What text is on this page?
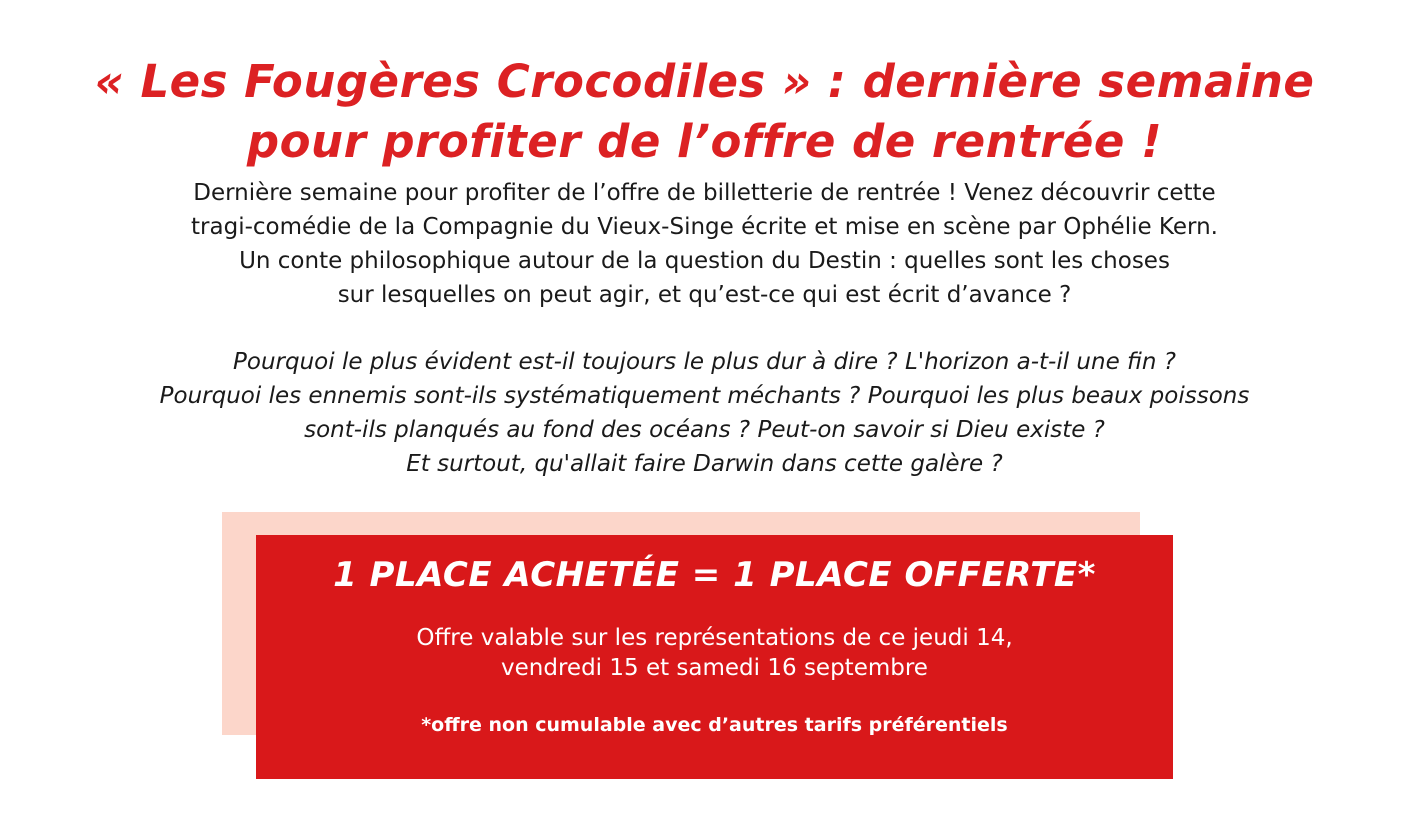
« Les Fougères Crocodiles » : dernière semaine
pour profiter de l’offre de rentrée !
Dernière semaine pour profiter de l’offre de billetterie de rentrée ! Venez découvrir cette
tragi-comédie de la Compagnie du Vieux-Singe écrite et mise en scène par Ophélie Kern.
Un conte philosophique autour de la question du Destin : quelles sont les choses
sur lesquelles on peut agir, et qu’est-ce qui est écrit d’avance ?
Pourquoi le plus évident est-il toujours le plus dur à dire ? L'horizon a-t-il une fin ?
Pourquoi les ennemis sont-ils systématiquement méchants ? Pourquoi les plus beaux poissons
sont-ils planqués au fond des océans ? Peut-on savoir si Dieu existe ?
Et surtout, qu'allait faire Darwin dans cette galère ?
1 PLACE ACHETÉE = 1 PLACE OFFERTE*
Offre valable sur les représentations de ce jeudi 14,
vendredi 15 et samedi 16 septembre
*offre non cumulable avec d’autres tarifs préférentiels
